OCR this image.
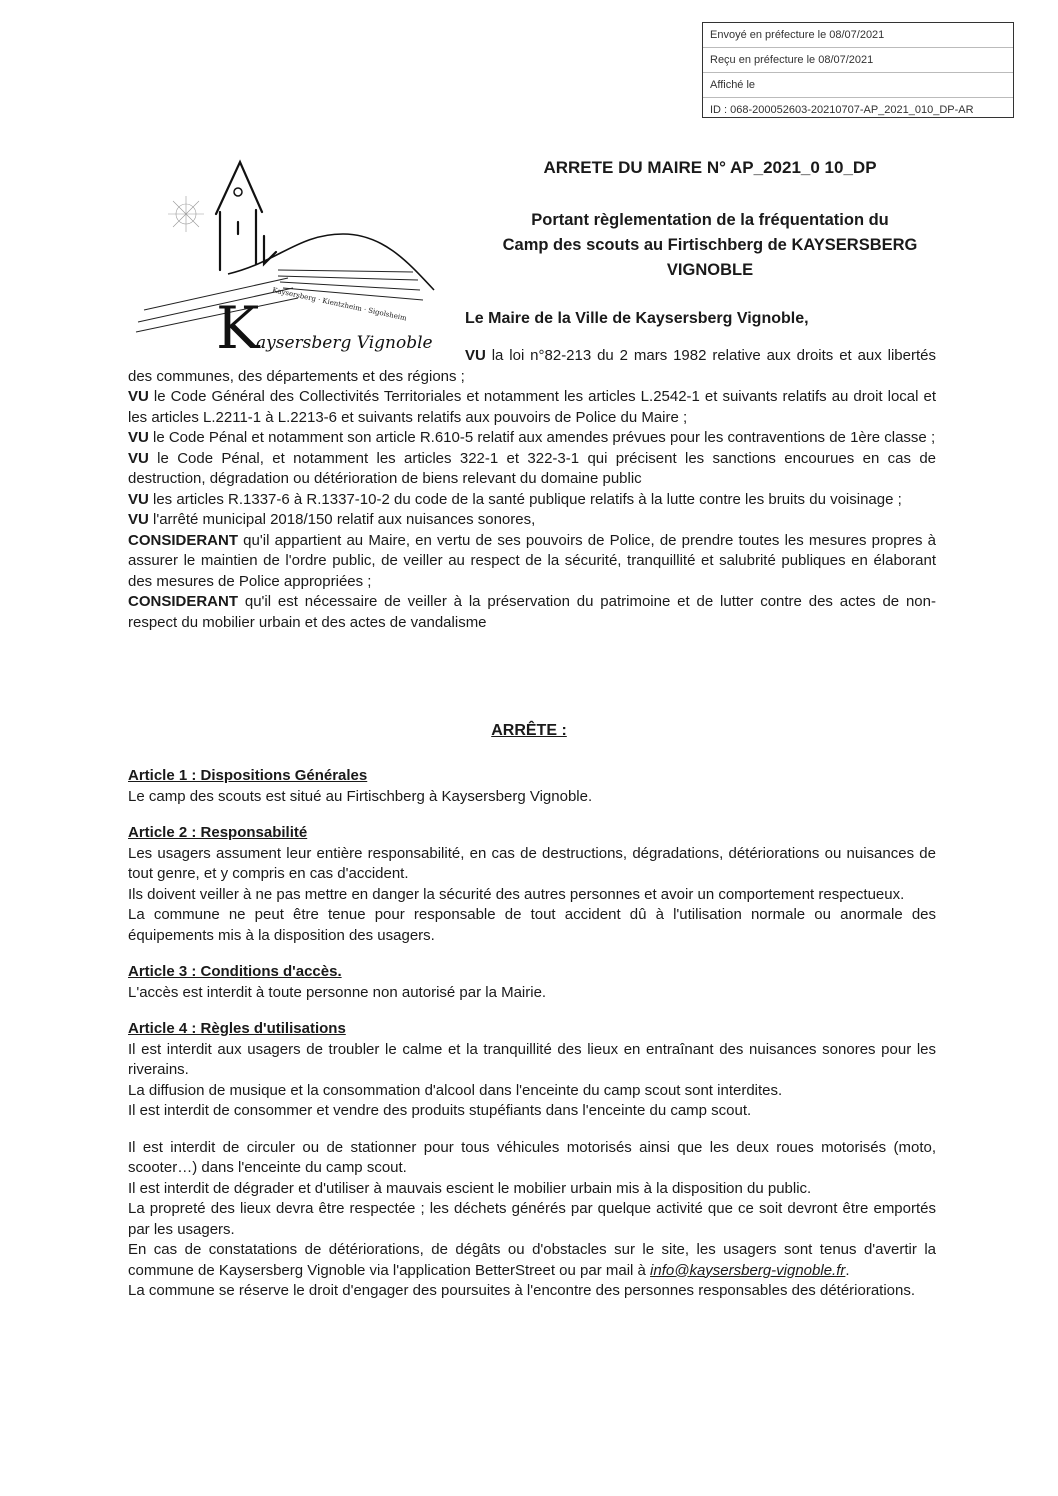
Envoyé en préfecture le 08/07/2021
Reçu en préfecture le 08/07/2021
Affiché le
ID : 068-200052603-20210707-AP_2021_010_DP-AR
Kaysersberg · Kientzheim · Sigolsheim
K
aysersberg Vignoble
ARRETE DU MAIRE N° AP_2021_0 10_DP
Portant règlementation de la fréquentation du
Camp des scouts au Firtischberg de KAYSERSBERG
VIGNOBLE
Le Maire de la Ville de Kaysersberg Vignoble,

VU la loi n°82-213 du 2 mars 1982 relative aux droits et aux libertés des communes, des départements et des régions ;

VU le Code Général des Collectivités Territoriales et notamment les articles L.2542-1 et suivants relatifs au droit local et les articles L.2211-1 à L.2213-6 et suivants relatifs aux pouvoirs de Police du Maire ;

VU le Code Pénal et notamment son article R.610-5 relatif aux amendes prévues pour les contraventions de 1ère classe ;

VU le Code Pénal, et notamment les articles 322-1 et 322-3-1 qui précisent les sanctions encourues en cas de destruction, dégradation ou détérioration de biens relevant du domaine public

VU les articles R.1337-6 à R.1337-10-2 du code de la santé publique relatifs à la lutte contre les bruits du voisinage ;

VU l'arrêté municipal 2018/150 relatif aux nuisances sonores,

CONSIDERANT qu'il appartient au Maire, en vertu de ses pouvoirs de Police, de prendre toutes les mesures propres à assurer le maintien de l'ordre public, de veiller au respect de la sécurité, tranquillité et salubrité publiques en élaborant des mesures de Police appropriées ;

CONSIDERANT qu'il est nécessaire de veiller à la préservation du patrimoine et de lutter contre des actes de non-respect du mobilier urbain et des actes de vandalisme

ARRÊTE :

Article 1 : Dispositions Générales

Le camp des scouts est situé au Firtischberg à Kaysersberg Vignoble.

Article 2 : Responsabilité

Les usagers assument leur entière responsabilité, en cas de destructions, dégradations, détériorations ou nuisances de tout genre, et y compris en cas d'accident.

Ils doivent veiller à ne pas mettre en danger la sécurité des autres personnes et avoir un comportement respectueux.

La commune ne peut être tenue pour responsable de tout accident dû à l'utilisation normale ou anormale des équipements mis à la disposition des usagers.

Article 3 : Conditions d'accès.

L'accès est interdit à toute personne non autorisé par la Mairie.

Article 4 : Règles d'utilisations

Il est interdit aux usagers de troubler le calme et la tranquillité des lieux en entraînant des nuisances sonores pour les riverains.

La diffusion de musique et la consommation d'alcool dans l'enceinte du camp scout sont interdites.

Il est interdit de consommer et vendre des produits stupéfiants dans l'enceinte du camp scout.

Il est interdit de circuler ou de stationner pour tous véhicules motorisés ainsi que les deux roues motorisés (moto, scooter…) dans l'enceinte du camp scout.

Il est interdit de dégrader et d'utiliser à mauvais escient le mobilier urbain mis à la disposition du public.

La propreté des lieux devra être respectée ; les déchets générés par quelque activité que ce soit devront être emportés par les usagers.

En cas de constatations de détériorations, de dégâts ou d'obstacles sur le site, les usagers sont tenus d'avertir la commune de Kaysersberg Vignoble via l'application BetterStreet ou par mail à info@kaysersberg-vignoble.fr.

La commune se réserve le droit d'engager des poursuites à l'encontre des personnes responsables des détériorations.
